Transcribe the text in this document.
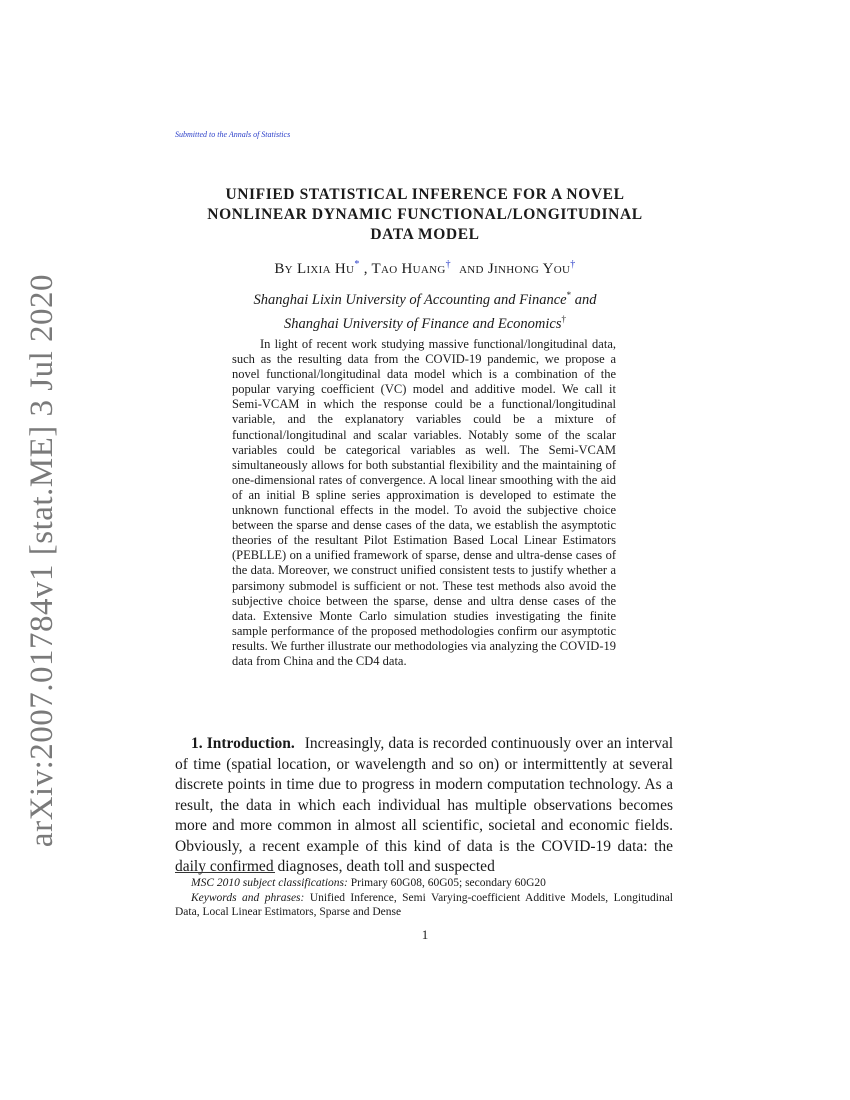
arXiv:2007.01784v1 [stat.ME] 3 Jul 2020
Submitted to the Annals of Statistics
UNIFIED STATISTICAL INFERENCE FOR A NOVEL
NONLINEAR DYNAMIC FUNCTIONAL/LONGITUDINAL
DATA MODEL
By Lixia Hu* , Tao Huang† and Jinhong You†
Shanghai Lixin University of Accounting and Finance* and
Shanghai University of Finance and Economics†
In light of recent work studying massive functional/longitudinal data, such as the resulting data from the COVID-19 pandemic, we propose a novel functional/longitudinal data model which is a combination of the popular varying coefficient (VC) model and additive model. We call it Semi-VCAM in which the response could be a functional/longitudinal variable, and the explanatory variables could be a mixture of functional/longitudinal and scalar variables. Notably some of the scalar variables could be categorical variables as well. The Semi-VCAM simultaneously allows for both substantial flexibility and the maintaining of one-dimensional rates of convergence. A local linear smoothing with the aid of an initial B spline series approximation is developed to estimate the unknown functional effects in the model. To avoid the subjective choice between the sparse and dense cases of the data, we establish the asymptotic theories of the resultant Pilot Estimation Based Local Linear Estimators (PEBLLE) on a unified framework of sparse, dense and ultra-dense cases of the data. Moreover, we construct unified consistent tests to justify whether a parsimony submodel is sufficient or not. These test methods also avoid the subjective choice between the sparse, dense and ultra dense cases of the data. Extensive Monte Carlo simulation studies investigating the finite sample performance of the proposed methodologies confirm our asymptotic results. We further illustrate our methodologies via analyzing the COVID-19 data from China and the CD4 data.
1. Introduction. Increasingly, data is recorded continuously over an interval of time (spatial location, or wavelength and so on) or intermittently at several discrete points in time due to progress in modern computation technology. As a result, the data in which each individual has multiple observations becomes more and more common in almost all scientific, societal and economic fields. Obviously, a recent example of this kind of data is the COVID-19 data: the daily confirmed diagnoses, death toll and suspected

MSC 2010 subject classifications: Primary 60G08, 60G05; secondary 60G20

Keywords and phrases: Unified Inference, Semi Varying-coefficient Additive Models, Longitudinal Data, Local Linear Estimators, Sparse and Dense

1
